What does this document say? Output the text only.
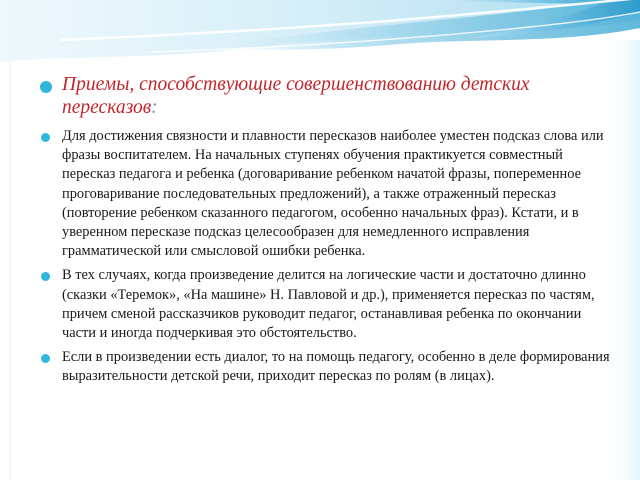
Приемы, способствующие совершенствованию детских пересказов:
Для достижения связности и плавности пересказов наиболее уместен подсказ слова или фразы воспитателем. На начальных ступенях обучения практикуется совместный пересказ педагога и ребенка (договаривание ребенком начатой фразы, попеременное проговаривание последовательных предложений), а также отраженный пересказ (повторение ребенком сказанного педагогом, особенно начальных фраз). Кстати, и в уверенном пересказе подсказ целесообразен для немедленного исправления грамматической или смысловой ошибки ребенка.
В тех случаях, когда произведение делится на логические части и достаточно длинно (сказки «Теремок», «На машине» Н. Павловой и др.), применяется пересказ по частям, причем сменой рассказчиков руководит педагог, останавливая ребенка по окончании части и иногда подчеркивая это обстоятельство.
Если в произведении есть диалог, то на помощь педагогу, особенно в деле формирования выразительности детской речи, приходит пересказ по ролям (в лицах).
